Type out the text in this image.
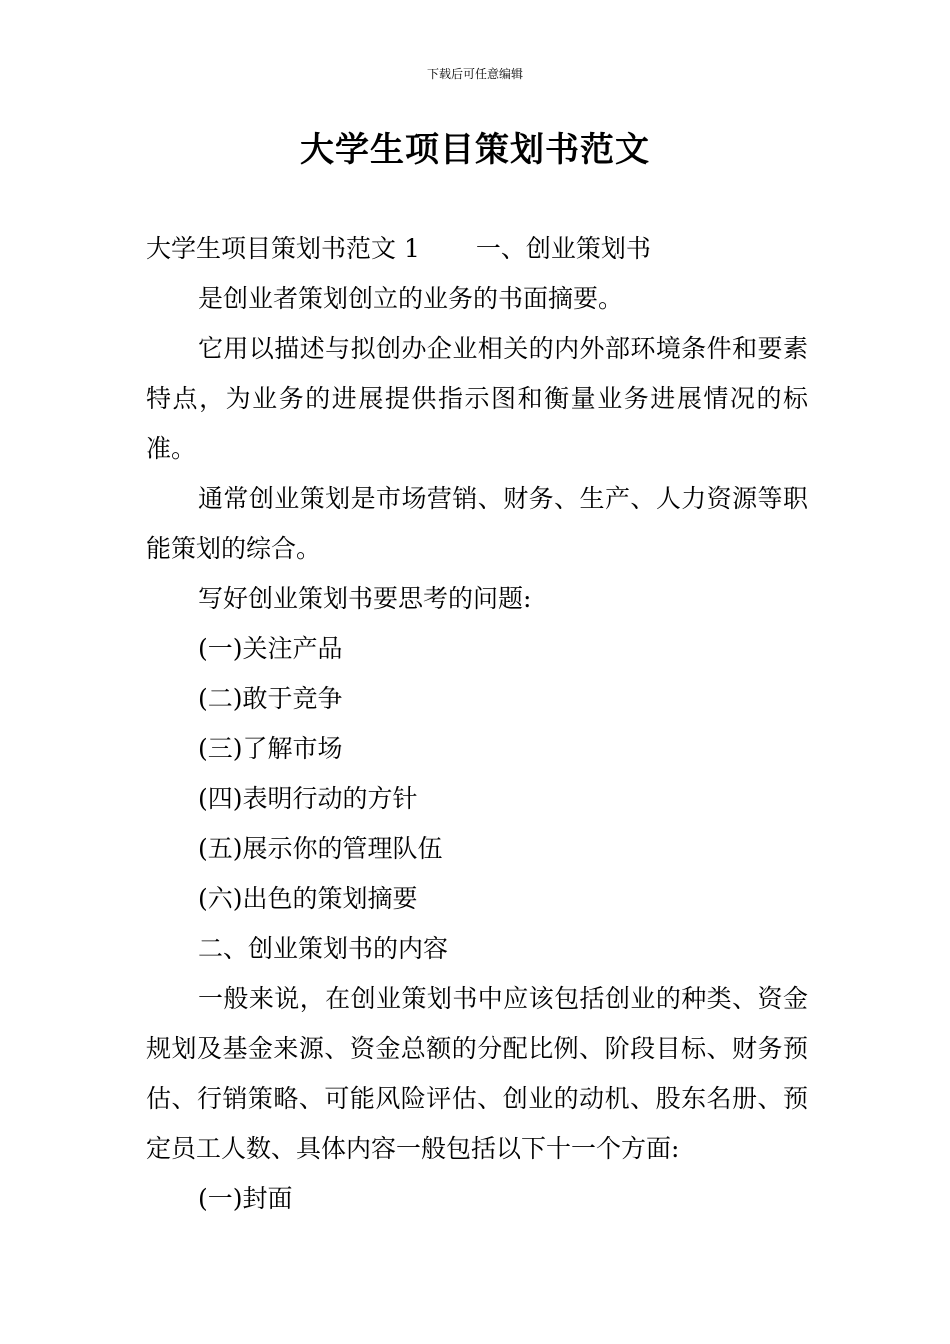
下载后可任意编辑
大学生项目策划书范文

大学生项目策划书范文 1 一、创业策划书

是创业者策划创立的业务的书面摘要。

它用以描述与拟创办企业相关的内外部环境条件和要素特点，为业务的进展提供指示图和衡量业务进展情况的标准。

通常创业策划是市场营销、财务、生产、人力资源等职能策划的综合。

写好创业策划书要思考的问题:

(一)关注产品

(二)敢于竞争

(三)了解市场

(四)表明行动的方针

(五)展示你的管理队伍

(六)出色的策划摘要

二、创业策划书的内容

一般来说，在创业策划书中应该包括创业的种类、资金规划及基金来源、资金总额的分配比例、阶段目标、财务预估、行销策略、可能风险评估、创业的动机、股东名册、预定员工人数、具体内容一般包括以下十一个方面:

(一)封面
